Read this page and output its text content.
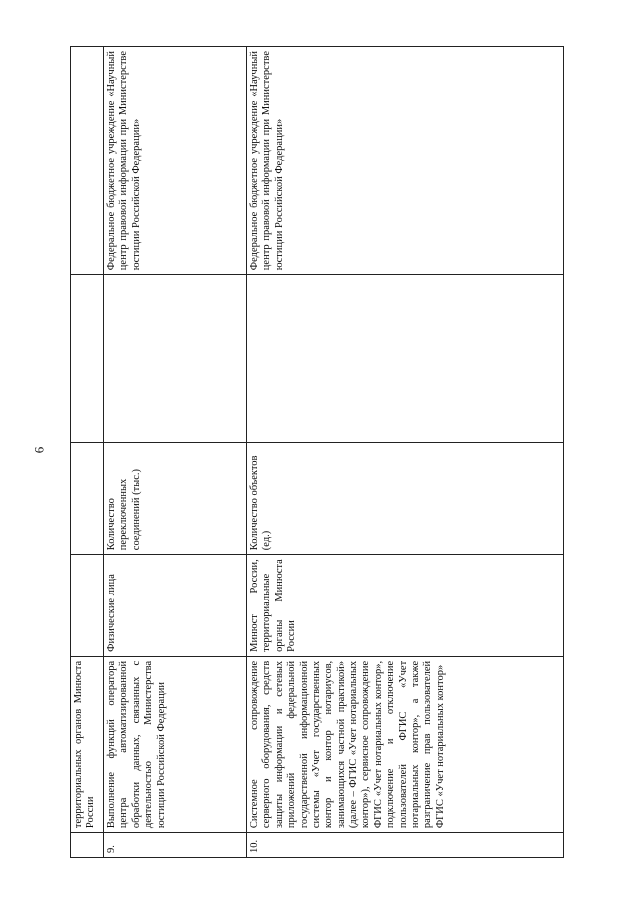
6
	территориальных органов Минюста России				
9.	Выполнение функций оператора центра автоматизированной обработки данных, связанных с деятельностью Министерства юстиции Российской Федерации	Физические лица	Количество переключенных соединений (тыс.)		Федеральное бюджетное учреждение «Научный центр правовой информации при Министерстве юстиции Российской Федерации»
10.	Системное сопровождение серверного оборудования, средств защиты информации и сетевых приложений федеральной государственной информационной системы «Учет государственных контор и контор нотариусов, занимающихся частной практикой» (далее – ФГИС «Учет нотариальных контор»), сервисное сопровождение ФГИС «Учет нотариальных контор», подключение и отключение пользователей ФГИС «Учет нотариальных контор», а также разграничение прав пользователей ФГИС «Учет нотариальных контор»	Минюст России, территориальные органы Минюста России	Количество объектов (ед.)		Федеральное бюджетное учреждение «Научный центр правовой информации при Министерстве юстиции Российской Федерации»
